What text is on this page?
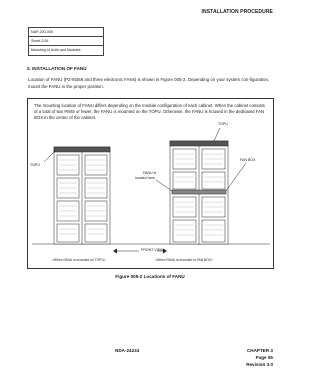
INSTALLATION PROCEDURE
NAP-200-005
Sheet 2/16
Mounting of Units and Modules
2. INSTALLATION OF FANU
Location of FANU (PZ-M369 and three electronic FANs) is shown in Figure 005-2. Depending on your system con-figuration, mount the FANU in the proper position.
The mounting location of FANU differs depending on the module configuration of each cabinet. When the cabinet consists of a total of two PIMS or fewer, the FANU is mounted on the TOPU. Otherwise, the FANU is housed in the dedicated FAN BOX in the center of the cabinet.
TOPU
TOPU
FAN BOX
FANU is
located here.
FRONT VIEW
<When FANU is mounted on TOPU>	<When FANU is mounted in FAN BOX>
Figure 005-2 Locations of FANU
NDA-24234	CHAPTER 3
Page 55
Revision 3.0
